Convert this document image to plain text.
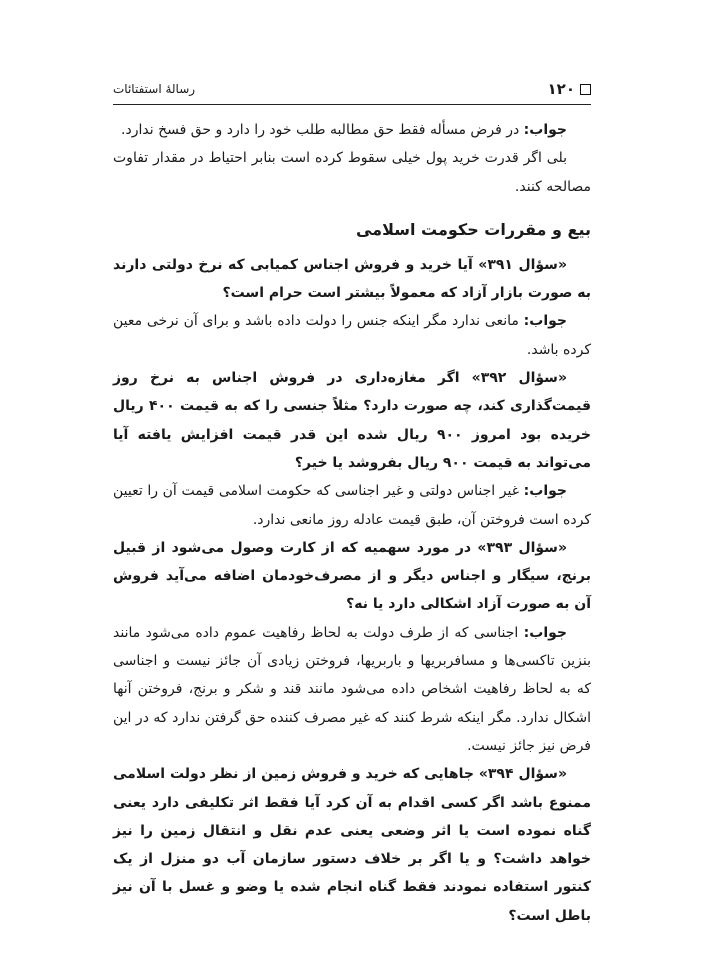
۱۲۰
رسالۀ استفتائات

جواب: در فرض مسأله فقط حق مطالبه طلب خود را دارد و حق فسخ ندارد.

بلی اگر قدرت خرید پول خیلی سقوط کرده است بنابر احتیاط در مقدار تفاوت مصالحه کنند.

بیع و مقررات حکومت اسلامی

«سؤال ۳۹۱» آیا خرید و فروش اجناس کمیابی که نرخ دولتی دارند به صورت بازار آزاد که معمولاً بیشتر است حرام است؟

جواب: مانعی ندارد مگر اینکه جنس را دولت داده باشد و برای آن نرخی معین کرده باشد.

«سؤال ۳۹۲» اگر مغازه‌داری در فروش اجناس به نرخ روز قیمت‌گذاری کند، چه صورت دارد؟ مثلاً جنسی را که به قیمت ۴۰۰ ریال خریده بود امروز ۹۰۰ ریال شده این قدر قیمت افزایش یافته آیا می‌تواند به قیمت ۹۰۰ ریال بفروشد یا خیر؟

جواب: غیر اجناس دولتی و غیر اجناسی که حکومت اسلامی قیمت آن را تعیین کرده است فروختن آن، طبق قیمت عادله روز مانعی ندارد.

«سؤال ۳۹۳» در مورد سهمیه که از کارت وصول می‌شود از قبیل برنج، سیگار و اجناس دیگر و از مصرف‌خود‌مان اضافه‌ می‌آید فروش آن به صورت آزاد اشکالی دارد یا نه؟

جواب: اجناسی که از طرف دولت به لحاظ رفاهیت عموم داده می‌شود مانند بنزین تاکسی‌ها و مسافربریها و باربریها، فروختن زیادی آن جائز نیست و اجناسی که به لحاظ رفاهیت اشخاص داده می‌شود مانند قند و شکر و برنج، فروختن آنها اشکال ندارد. مگر اینکه شرط کنند که غیر مصرف کننده حق گرفتن ندارد که در این فرض نیز جائز نیست.

«سؤال ۳۹۴» جاهایی که خرید و فروش زمین از نظر دولت اسلامی ممنوع باشد اگر کسی اقدام به آن کرد آیا فقط اثر تکلیفی دارد یعنی گناه نموده است یا اثر وضعی یعنی عدم نقل و انتقال زمین را نیز خواهد داشت؟ و یا اگر بر خلاف دستور سازمان آب دو منزل از یک کنتور استفاده نمودند فقط گناه انجام شده یا وضو و غسل با آن نیز باطل است؟
